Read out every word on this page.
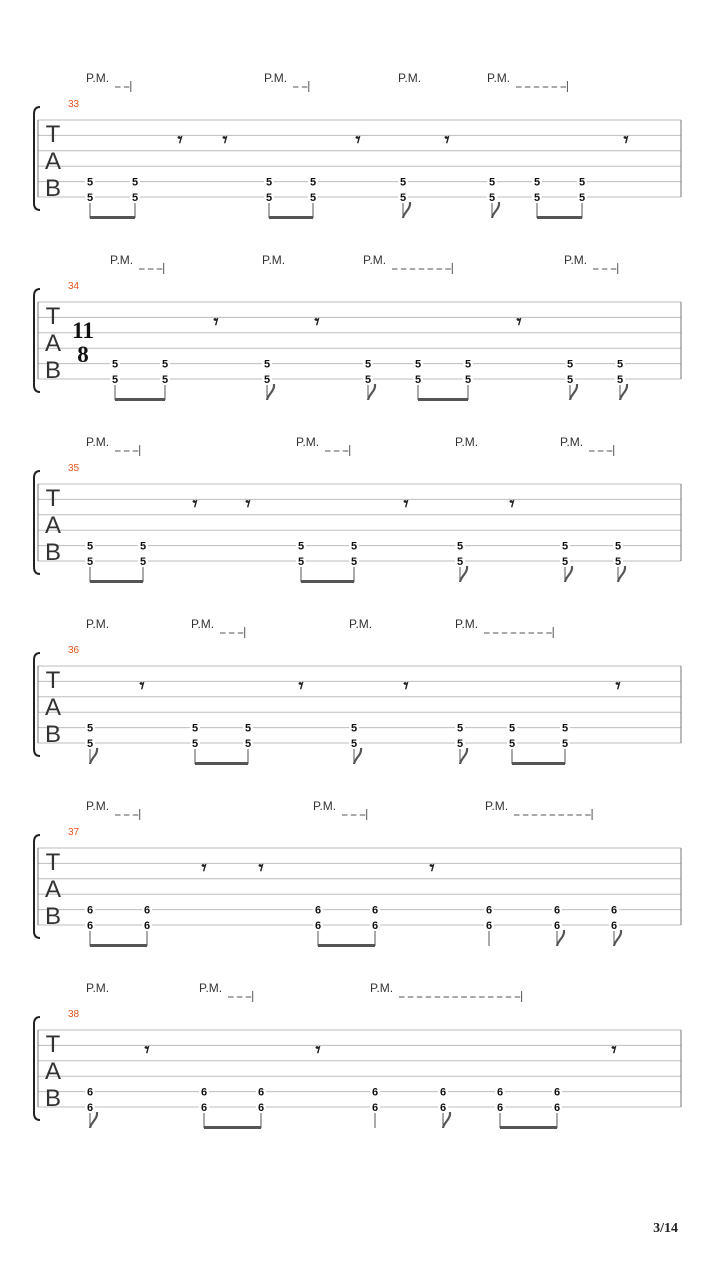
T
A
B
33
P.M.	P.M.	P.M.	P.M.
5
5
5
5
𝄾 𝄾
5
5
5
5
𝄾
5
5
𝄾
5
5
5
5
5
5
𝄾
T
A
B
11
8
34
P.M.	P.M.	P.M.	P.M.
5
5
5
5
𝄾
5
5
𝄾
5
5
5
5
5
5
𝄾
5
5
5
5
T
A
B
35
P.M.	P.M.	P.M.	P.M.
5
5
5
5
𝄾	𝄾
5
5
5
5
𝄾
5
5
𝄾
5
5
5
5
T
A
B
36
P.M.	P.M.	P.M.	P.M.
5
5
𝄾
5
5
5
5
𝄾
5
5
𝄾
5
5
5
5
5
5
𝄾
T
A
B
37
P.M.	P.M.	P.M.
6
6
6
6
𝄾	𝄾
6
6
6
6
𝄾
6
6
6
6
6
6
T
A
B
38
P.M.	P.M.	P.M.
6
6
𝄾
6
6
6
6
𝄾
6
6
6
6
6
6
6
6
𝄾
3/14
